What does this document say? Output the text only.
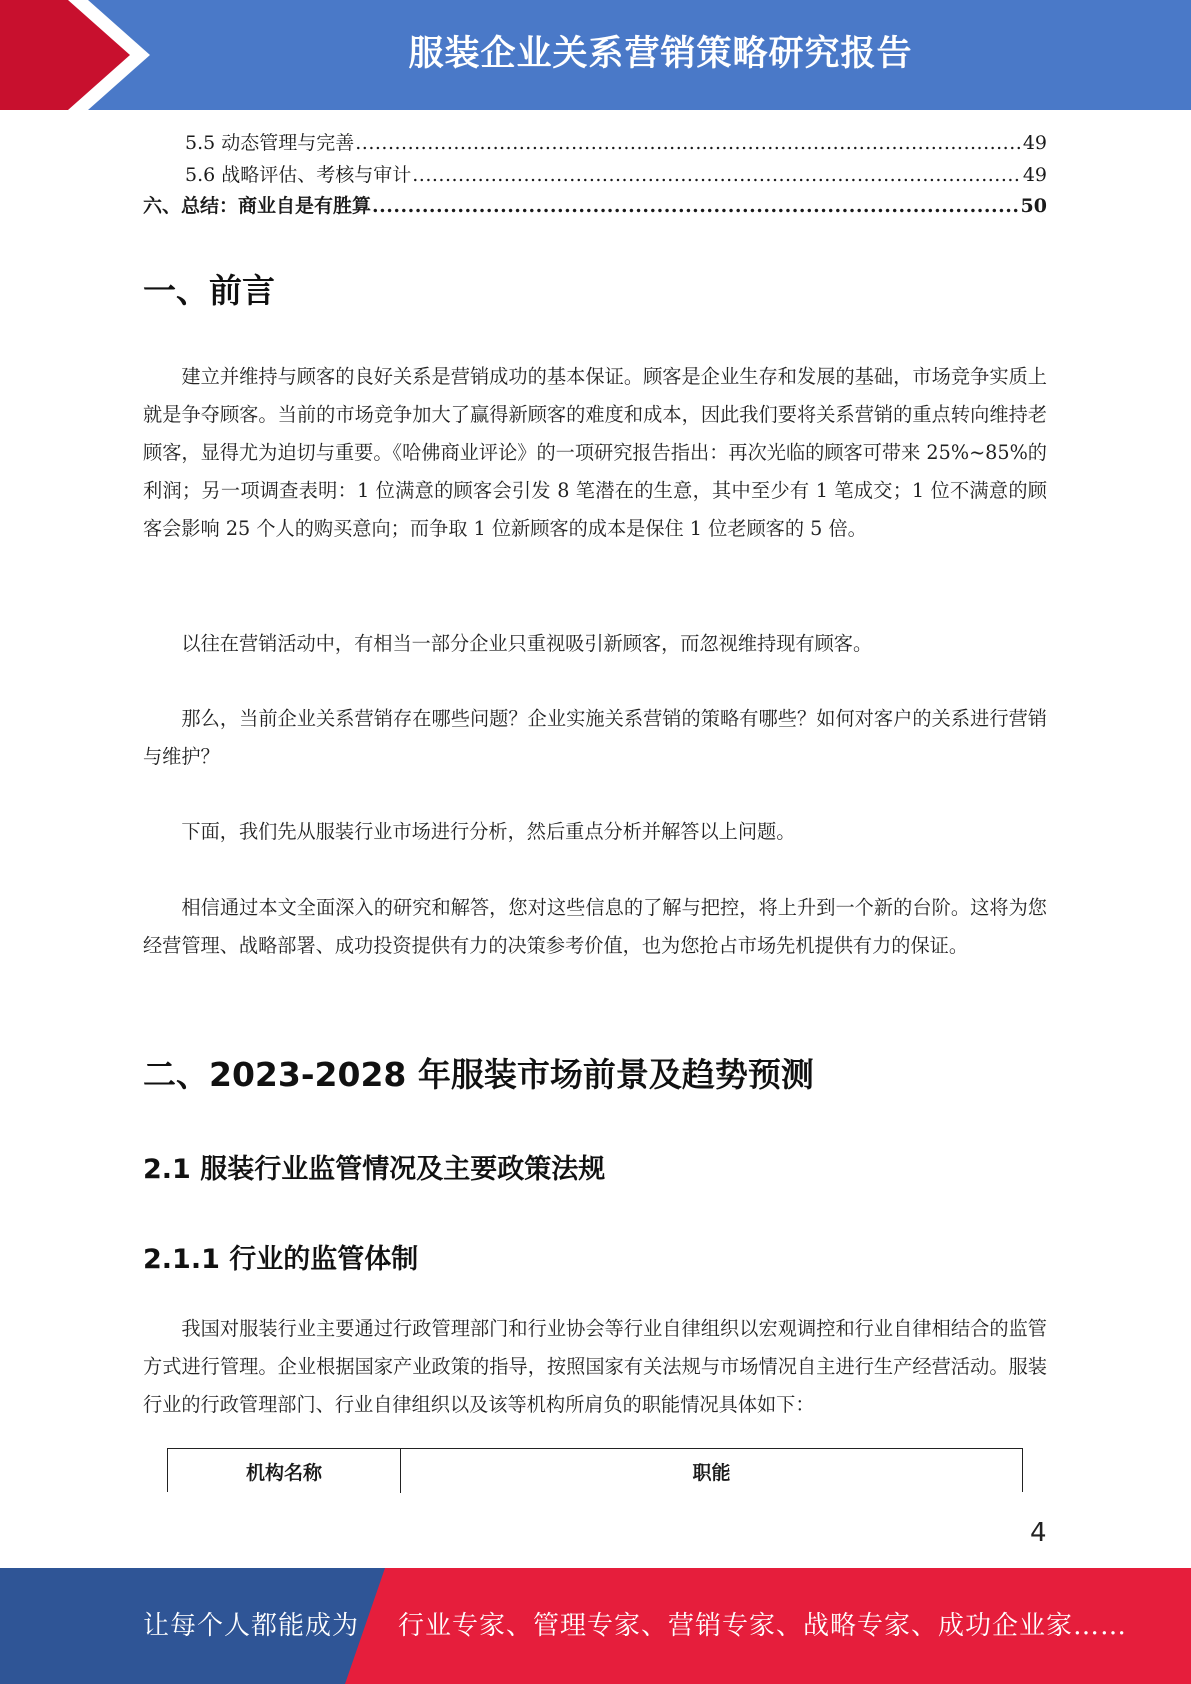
服装企业关系营销策略研究报告
5.5 动态管理与完善 .....	49
5.6 战略评估、考核与审计 .....	49
六、总结：商业自是有胜算 .....	50
一、前言

建立并维持与顾客的良好关系是营销成功的基本保证。顾客是企业生存和发展的基础，市场竞争实质上就是争夺顾客。当前的市场竞争加大了赢得新顾客的难度和成本，因此我们要将关系营销的重点转向维持老顾客，显得尤为迫切与重要。《哈佛商业评论》的一项研究报告指出：再次光临的顾客可带来 25%~85%的利润；另一项调查表明：1 位满意的顾客会引发 8 笔潜在的生意，其中至少有 1 笔成交；1 位不满意的顾客会影响 25 个人的购买意向；而争取 1 位新顾客的成本是保住 1 位老顾客的 5 倍。

以往在营销活动中，有相当一部分企业只重视吸引新顾客，而忽视维持现有顾客。

那么，当前企业关系营销存在哪些问题？企业实施关系营销的策略有哪些？如何对客户的关系进行营销与维护？

下面，我们先从服装行业市场进行分析，然后重点分析并解答以上问题。

相信通过本文全面深入的研究和解答，您对这些信息的了解与把控，将上升到一个新的台阶。这将为您经营管理、战略部署、成功投资提供有力的决策参考价值，也为您抢占市场先机提供有力的保证。

二、2023-2028 年服装市场前景及趋势预测
2.1 服装行业监管情况及主要政策法规
2.1.1 行业的监管体制

我国对服装行业主要通过行政管理部门和行业协会等行业自律组织以宏观调控和行业自律相结合的监管方式进行管理。企业根据国家产业政策的指导，按照国家有关法规与市场情况自主进行生产经营活动。服装行业的行政管理部门、行业自律组织以及该等机构所肩负的职能情况具体如下：

机构名称	职能
4
让每个人都能成为 行业专家、管理专家、营销专家、战略专家、成功企业家……
